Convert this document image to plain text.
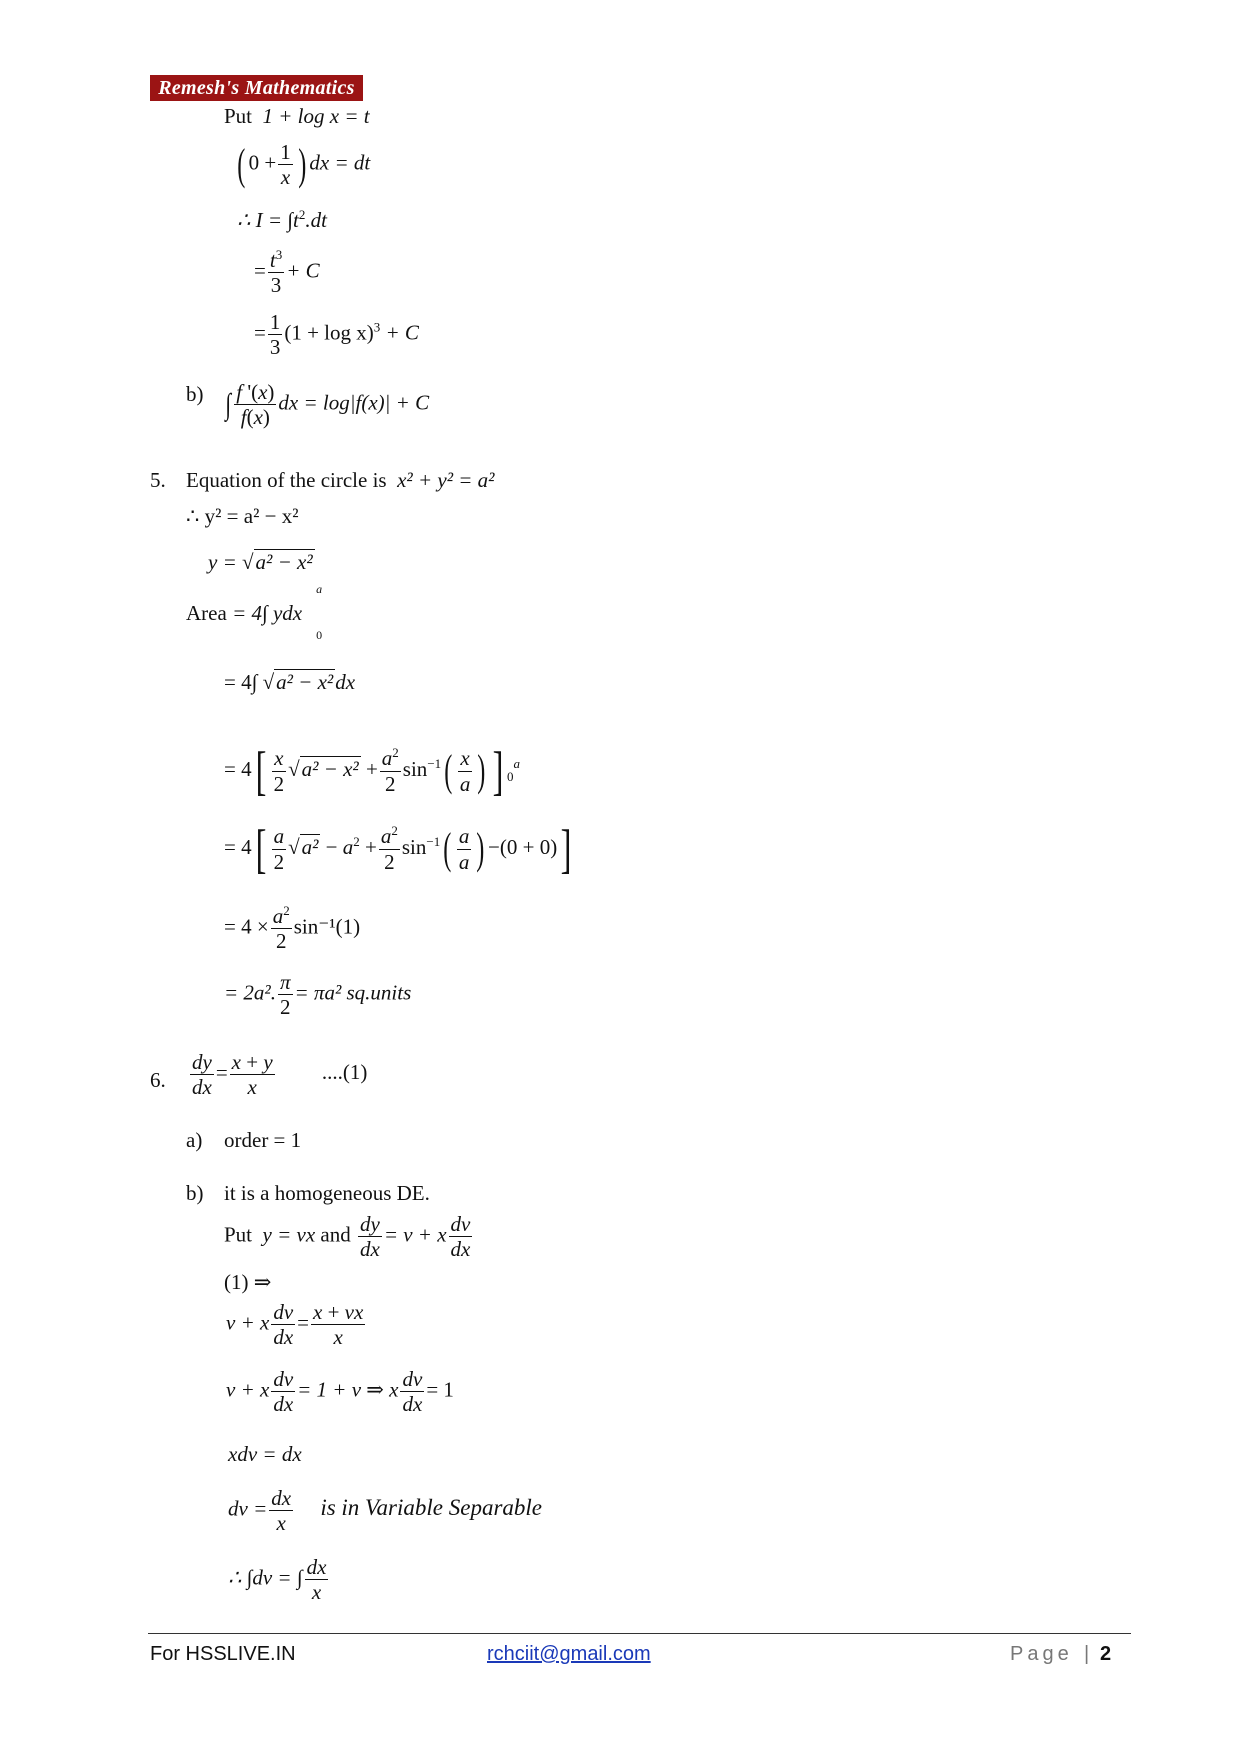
Remesh's Mathematics
Put 1 + log x = t
( $0 + \frac{1}{x}$ ) dx = dt
∴ $I = \int t^2.dt$
= $\frac{t^3}{3} + C$
= $\frac{1}{3} (1 + \log x)^3 + C$
b) ∫ $\frac{f '(x)}{f(x)}$ dx = log|f(x)| + C
5. Equation of the circle is x² + y² = a²
∴ y² = a² − x²
y = √a² − x²
Area
a
0
= 4∫ ydx
= 4∫ √a² − x²dx
= $4[ \frac{x}{2} √a^2 - x^2 + \frac{a^2}{2} \sin^{-1}( \frac{x}{a}$ ) ] $_0^a$
= $4[ \frac{a}{2} √a^2 - a^2 + \frac{a^2}{2} \sin^{-1}( \frac{a}{a}$ ) −(0 + 0)]
= $4 \times \frac{a^2}{2} \sin^{-1}(1)$
= 2a². $\frac{\pi}{2} = \pi a^2$ sq.units
6. $\frac{dy}{dx} = \frac{x + y}{x} ....(1)$
a) order = 1
b) it is a homogeneous DE.
Put y = vx and $\frac{dy}{dx} = v + x \frac{dv}{dx}$
(1) ⇒
v + x $\frac{dv}{dx} = \frac{x + vx}{x}$
v + x $\frac{dv}{dx} = 1 + v$ ⇒ x $\frac{dv}{dx} = 1$
xdv = dx
dv = $\frac{dx}{x}$ is in Variable Separable
∴ ∫dv = ∫ $\frac{dx}{x}$
For HSSLIVE.IN	rchciit@gmail.com	Page | 2
